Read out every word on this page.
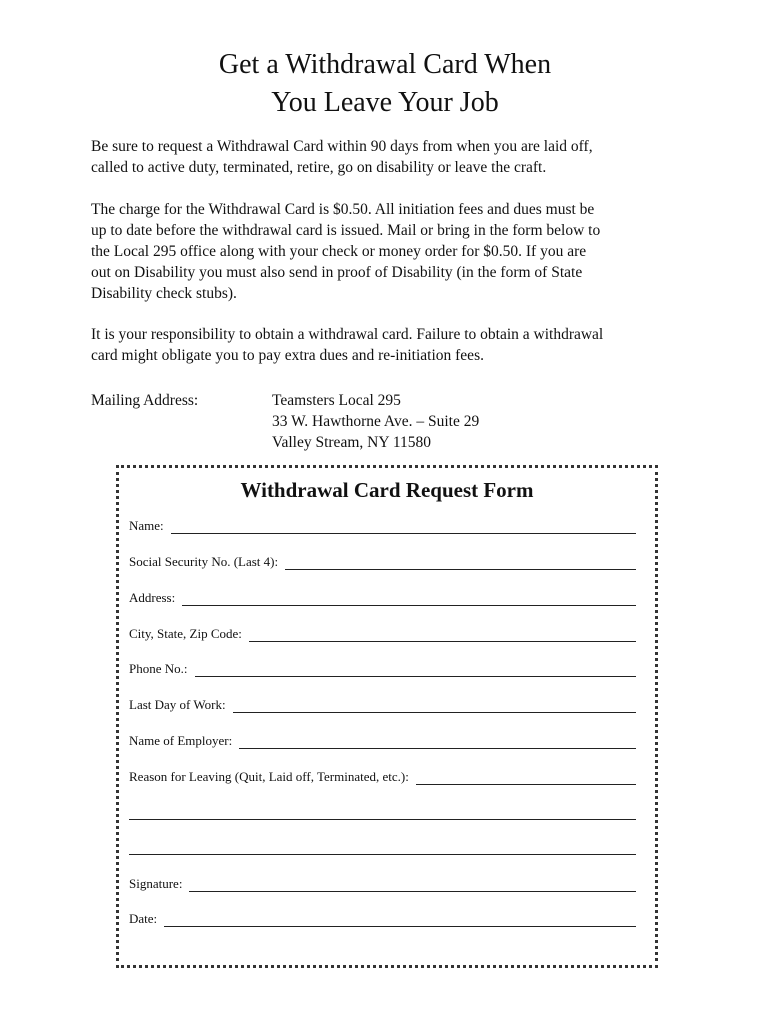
Get a Withdrawal Card When
You Leave Your Job
Be sure to request a Withdrawal Card within 90 days from when you are laid off,
called to active duty, terminated, retire, go on disability or leave the craft.
The charge for the Withdrawal Card is $0.50. All initiation fees and dues must be
up to date before the withdrawal card is issued. Mail or bring in the form below to
the Local 295 office along with your check or money order for $0.50. If you are
out on Disability you must also send in proof of Disability (in the form of State
Disability check stubs).
It is your responsibility to obtain a withdrawal card. Failure to obtain a withdrawal
card might obligate you to pay extra dues and re-initiation fees.
Mailing Address:	Teamsters Local 295
33 W. Hawthorne Ave. – Suite 29
Valley Stream, NY 11580
Withdrawal Card Request Form
Name:
Social Security No. (Last 4):
Address:
City, State, Zip Code:
Phone No.:
Last Day of Work:
Name of Employer:
Reason for Leaving (Quit, Laid off, Terminated, etc.):
Signature:
Date:
